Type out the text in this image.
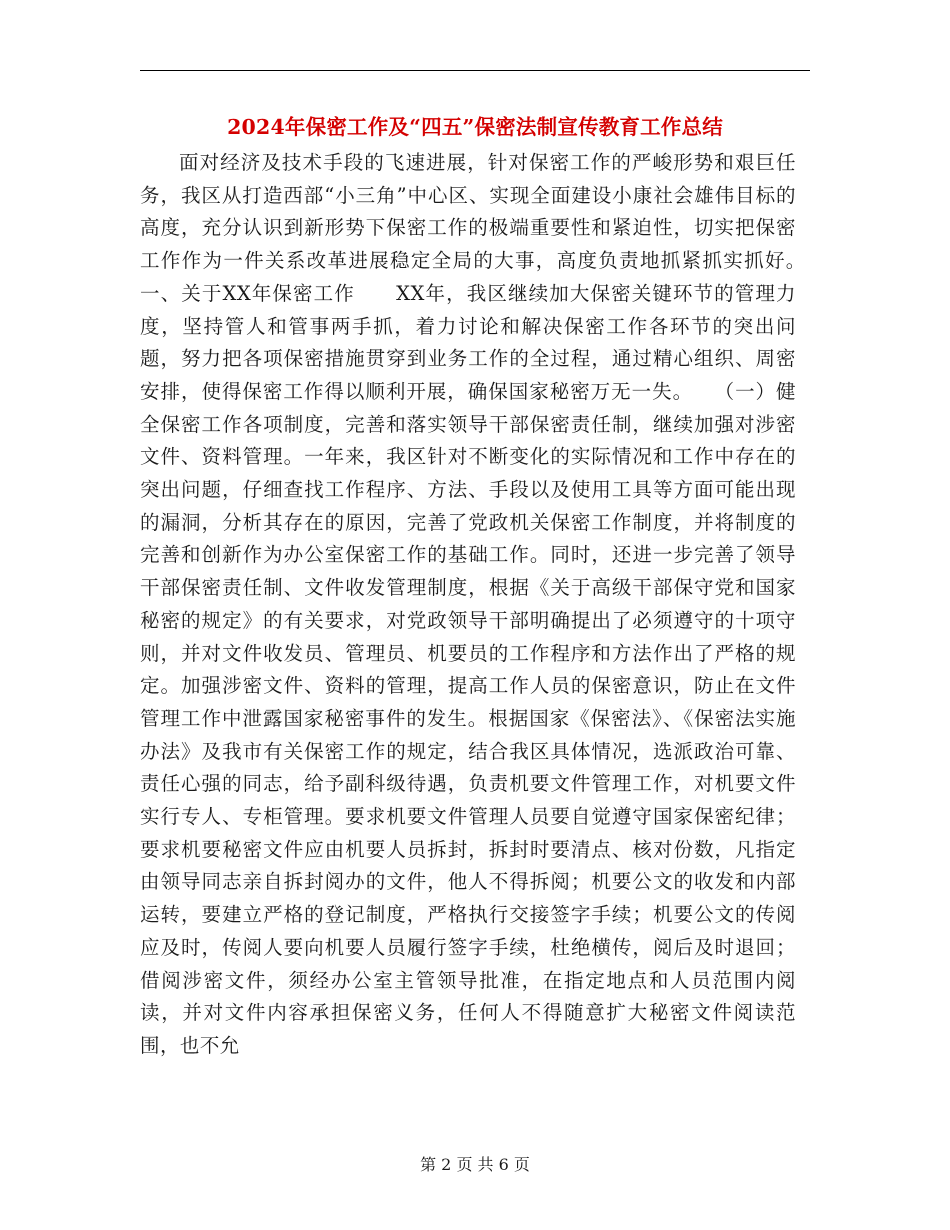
2024年保密工作及“四五”保密法制宣传教育工作总结

面对经济及技术手段的飞速进展，针对保密工作的严峻形势和艰巨任务，我区从打造西部“小三角”中心区、实现全面建设小康社会雄伟目标的高度，充分认识到新形势下保密工作的极端重要性和紧迫性，切实把保密工作作为一件关系改革进展稳定全局的大事，高度负责地抓紧抓实抓好。　　一、关于XX年保密工作　　XX年，我区继续加大保密关键环节的管理力度，坚持管人和管事两手抓，着力讨论和解决保密工作各环节的突出问题，努力把各项保密措施贯穿到业务工作的全过程，通过精心组织、周密安排，使得保密工作得以顺利开展，确保国家秘密万无一失。　　（一）健全保密工作各项制度，完善和落实领导干部保密责任制，继续加强对涉密文件、资料管理。一年来，我区针对不断变化的实际情况和工作中存在的突出问题，仔细查找工作程序、方法、手段以及使用工具等方面可能出现的漏洞，分析其存在的原因，完善了党政机关保密工作制度，并将制度的完善和创新作为办公室保密工作的基础工作。同时，还进一步完善了领导干部保密责任制、文件收发管理制度，根据《关于高级干部保守党和国家秘密的规定》的有关要求，对党政领导干部明确提出了必须遵守的十项守则，并对文件收发员、管理员、机要员的工作程序和方法作出了严格的规定。加强涉密文件、资料的管理，提高工作人员的保密意识，防止在文件管理工作中泄露国家秘密事件的发生。根据国家《保密法》、《保密法实施办法》及我市有关保密工作的规定，结合我区具体情况，选派政治可靠、责任心强的同志，给予副科级待遇，负责机要文件管理工作，对机要文件实行专人、专柜管理。要求机要文件管理人员要自觉遵守国家保密纪律；要求机要秘密文件应由机要人员拆封，拆封时要清点、核对份数，凡指定由领导同志亲自拆封阅办的文件，他人不得拆阅；机要公文的收发和内部运转，要建立严格的登记制度，严格执行交接签字手续；机要公文的传阅应及时，传阅人要向机要人员履行签字手续，杜绝横传，阅后及时退回；借阅涉密文件，须经办公室主管领导批准，在指定地点和人员范围内阅读，并对文件内容承担保密义务，任何人不得随意扩大秘密文件阅读范围，也不允

第 2 页 共 6 页
